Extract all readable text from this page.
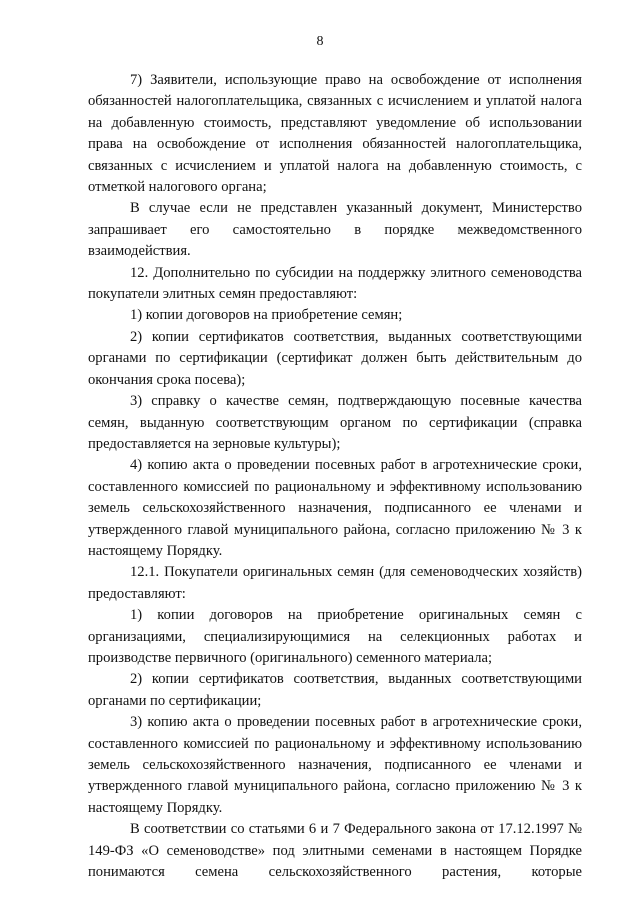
8

7) Заявители, использующие право на освобождение от исполнения обязанностей налогоплательщика, связанных с исчислением и уплатой налога на добавленную стоимость, представляют уведомление об использовании права на освобождение от исполнения обязанностей налогоплательщика, связанных с исчислением и уплатой налога на добавленную стоимость, с отметкой налогового органа;

В случае если не представлен указанный документ, Министерство запрашивает его самостоятельно в порядке межведомственного взаимодействия.

12. Дополнительно по субсидии на поддержку элитного семеноводства покупатели элитных семян предоставляют:

1) копии договоров на приобретение семян;

2) копии сертификатов соответствия, выданных соответствующими органами по сертификации (сертификат должен быть действительным до окончания срока посева);

3) справку о качестве семян, подтверждающую посевные качества семян, выданную соответствующим органом по сертификации (справка предоставляется на зерновые культуры);

4) копию акта о проведении посевных работ в агротехнические сроки, составленного комиссией по рациональному и эффективному использованию земель сельскохозяйственного назначения, подписанного ее членами и утвержденного главой муниципального района, согласно приложению № 3 к настоящему Порядку.

12.1. Покупатели оригинальных семян (для семеноводческих хозяйств) предоставляют:

1) копии договоров на приобретение оригинальных семян с организациями, специализирующимися на селекционных работах и производстве первичного (оригинального) семенного материала;

2) копии сертификатов соответствия, выданных соответствующими органами по сертификации;

3) копию акта о проведении посевных работ в агротехнические сроки, составленного комиссией по рациональному и эффективному использованию земель сельскохозяйственного назначения, подписанного ее членами и утвержденного главой муниципального района, согласно приложению № 3 к настоящему Порядку.

В соответствии со статьями 6 и 7 Федерального закона от 17.12.1997 № 149-ФЗ «О семеноводстве» под элитными семенами в настоящем Порядке понимаются семена сельскохозяйственного растения, которые
